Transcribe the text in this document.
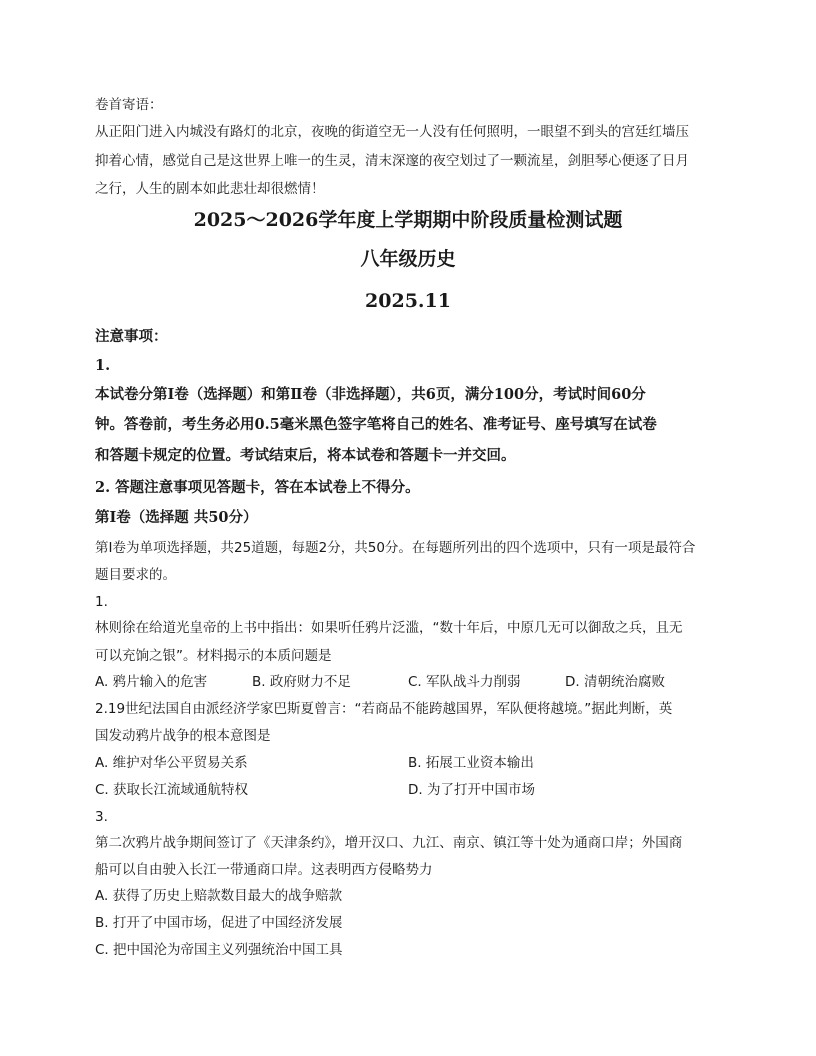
卷首寄语：
从正阳门进入内城没有路灯的北京，夜晚的街道空无一人没有任何照明，一眼望不到头的宫廷红墙压
抑着心情，感觉自己是这世界上唯一的生灵，清末深邃的夜空划过了一颗流星，剑胆琴心便逐了日月
之行，人生的剧本如此悲壮却很燃情！
2025～2026学年度上学期期中阶段质量检测试题
八年级历史
2025.11
注意事项：
1.
本试卷分第Ⅰ卷（选择题）和第Ⅱ卷（非选择题），共6页，满分100分，考试时间60分
钟。答卷前，考生务必用0.5毫米黑色签字笔将自己的姓名、准考证号、座号填写在试卷
和答题卡规定的位置。考试结束后，将本试卷和答题卡一并交回。
2. 答题注意事项见答题卡，答在本试卷上不得分。
第Ⅰ卷（选择题 共50分）
第Ⅰ卷为单项选择题，共25道题，每题2分，共50分。在每题所列出的四个选项中，只有一项是最符合
题目要求的。
1.
林则徐在给道光皇帝的上书中指出：如果听任鸦片泛滥，“数十年后，中原几无可以御敌之兵，且无
可以充饷之银”。材料揭示的本质问题是
A. 鸦片输入的危害	B. 政府财力不足	C. 军队战斗力削弱	D. 清朝统治腐败
2.19世纪法国自由派经济学家巴斯夏曾言：“若商品不能跨越国界，军队便将越境。”据此判断，英
国发动鸦片战争的根本意图是
A. 维护对华公平贸易关系	B. 拓展工业资本输出
C. 获取长江流域通航特权	D. 为了打开中国市场
3.
第二次鸦片战争期间签订了《天津条约》，增开汉口、九江、南京、镇江等十处为通商口岸；外国商
船可以自由驶入长江一带通商口岸。这表明西方侵略势力
A. 获得了历史上赔款数目最大的战争赔款
B. 打开了中国市场，促进了中国经济发展
C. 把中国沦为帝国主义列强统治中国工具
